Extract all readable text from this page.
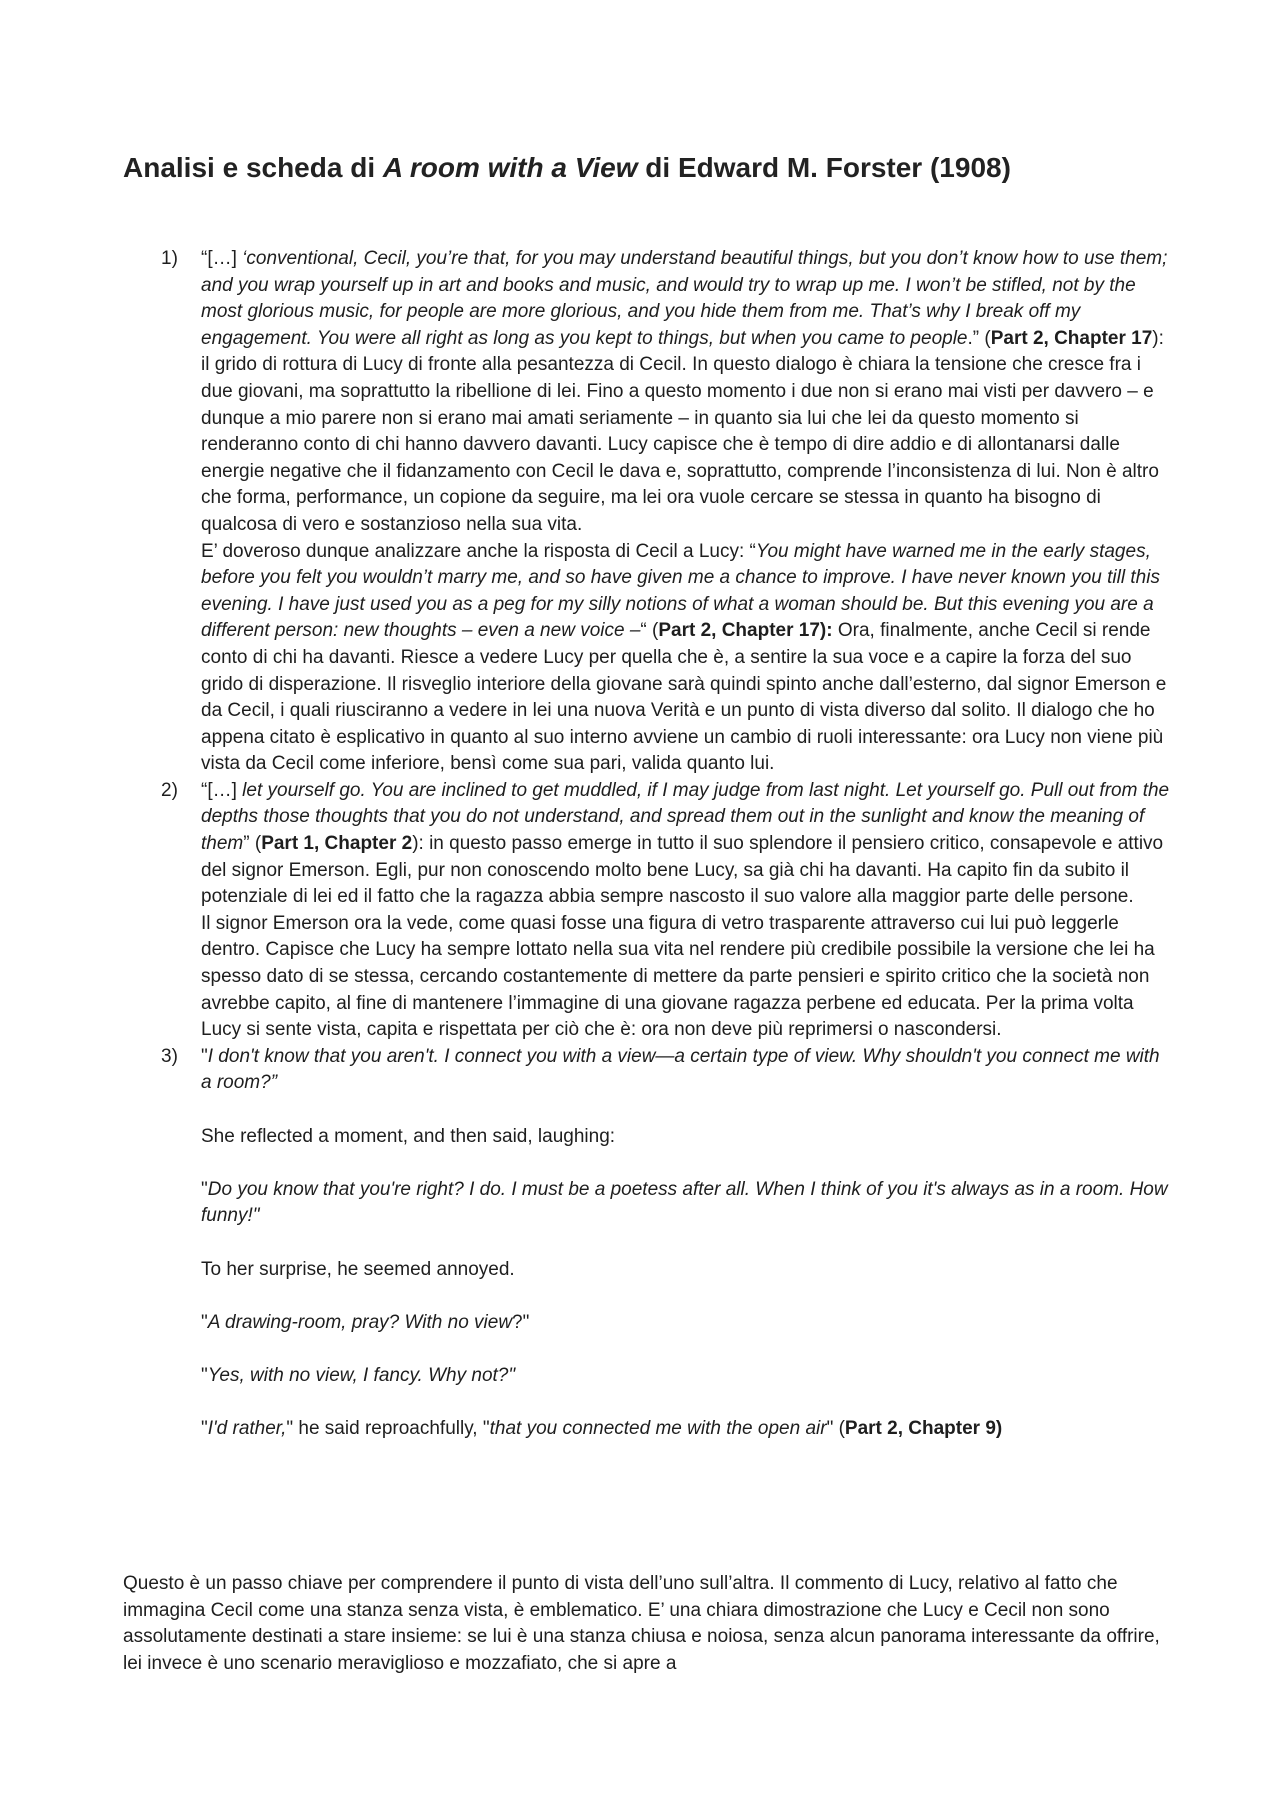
Analisi e scheda di A room with a View di Edward M. Forster (1908)
1) “[…] ‘conventional, Cecil, you’re that, for you may understand beautiful things, but you don’t know how to use them; and you wrap yourself up in art and books and music, and would try to wrap up me. I won’t be stifled, not by the most glorious music, for people are more glorious, and you hide them from me. That’s why I break off my engagement. You were all right as long as you kept to things, but when you came to people.” (Part 2, Chapter 17): il grido di rottura di Lucy di fronte alla pesantezza di Cecil. In questo dialogo è chiara la tensione che cresce fra i due giovani, ma soprattutto la ribellione di lei. Fino a questo momento i due non si erano mai visti per davvero – e dunque a mio parere non si erano mai amati seriamente – in quanto sia lui che lei da questo momento si renderanno conto di chi hanno davvero davanti. Lucy capisce che è tempo di dire addio e di allontanarsi dalle energie negative che il fidanzamento con Cecil le dava e, soprattutto, comprende l’inconsistenza di lui. Non è altro che forma, performance, un copione da seguire, ma lei ora vuole cercare se stessa in quanto ha bisogno di qualcosa di vero e sostanzioso nella sua vita.

E’ doveroso dunque analizzare anche la risposta di Cecil a Lucy: “You might have warned me in the early stages, before you felt you wouldn’t marry me, and so have given me a chance to improve. I have never known you till this evening. I have just used you as a peg for my silly notions of what a woman should be. But this evening you are a different person: new thoughts – even a new voice –“ (Part 2, Chapter 17): Ora, finalmente, anche Cecil si rende conto di chi ha davanti. Riesce a vedere Lucy per quella che è, a sentire la sua voce e a capire la forza del suo grido di disperazione. Il risveglio interiore della giovane sarà quindi spinto anche dall’esterno, dal signor Emerson e da Cecil, i quali riusciranno a vedere in lei una nuova Verità e un punto di vista diverso dal solito. Il dialogo che ho appena citato è esplicativo in quanto al suo interno avviene un cambio di ruoli interessante: ora Lucy non viene più vista da Cecil come inferiore, bensì come sua pari, valida quanto lui.

2) “[…] let yourself go. You are inclined to get muddled, if I may judge from last night. Let yourself go. Pull out from the depths those thoughts that you do not understand, and spread them out in the sunlight and know the meaning of them” (Part 1, Chapter 2): in questo passo emerge in tutto il suo splendore il pensiero critico, consapevole e attivo del signor Emerson. Egli, pur non conoscendo molto bene Lucy, sa già chi ha davanti. Ha capito fin da subito il potenziale di lei ed il fatto che la ragazza abbia sempre nascosto il suo valore alla maggior parte delle persone.

Il signor Emerson ora la vede, come quasi fosse una figura di vetro trasparente attraverso cui lui può leggerle dentro. Capisce che Lucy ha sempre lottato nella sua vita nel rendere più credibile possibile la versione che lei ha spesso dato di se stessa, cercando costantemente di mettere da parte pensieri e spirito critico che la società non avrebbe capito, al fine di mantenere l’immagine di una giovane ragazza perbene ed educata. Per la prima volta Lucy si sente vista, capita e rispettata per ciò che è: ora non deve più reprimersi o nascondersi.

3) "I don't know that you aren't. I connect you with a view—a certain type of view. Why shouldn't you connect me with a room?”

She reflected a moment, and then said, laughing:

"Do you know that you're right? I do. I must be a poetess after all. When I think of you it's always as in a room. How funny!"

To her surprise, he seemed annoyed.

"A drawing-room, pray? With no view?"

"Yes, with no view, I fancy. Why not?"

"I'd rather," he said reproachfully, "that you connected me with the open air" (Part 2, Chapter 9)

Questo è un passo chiave per comprendere il punto di vista dell’uno sull’altra. Il commento di Lucy, relativo al fatto che immagina Cecil come una stanza senza vista, è emblematico. E’ una chiara dimostrazione che Lucy e Cecil non sono assolutamente destinati a stare insieme: se lui è una stanza chiusa e noiosa, senza alcun panorama interessante da offrire, lei invece è uno scenario meraviglioso e mozzafiato, che si apre a
